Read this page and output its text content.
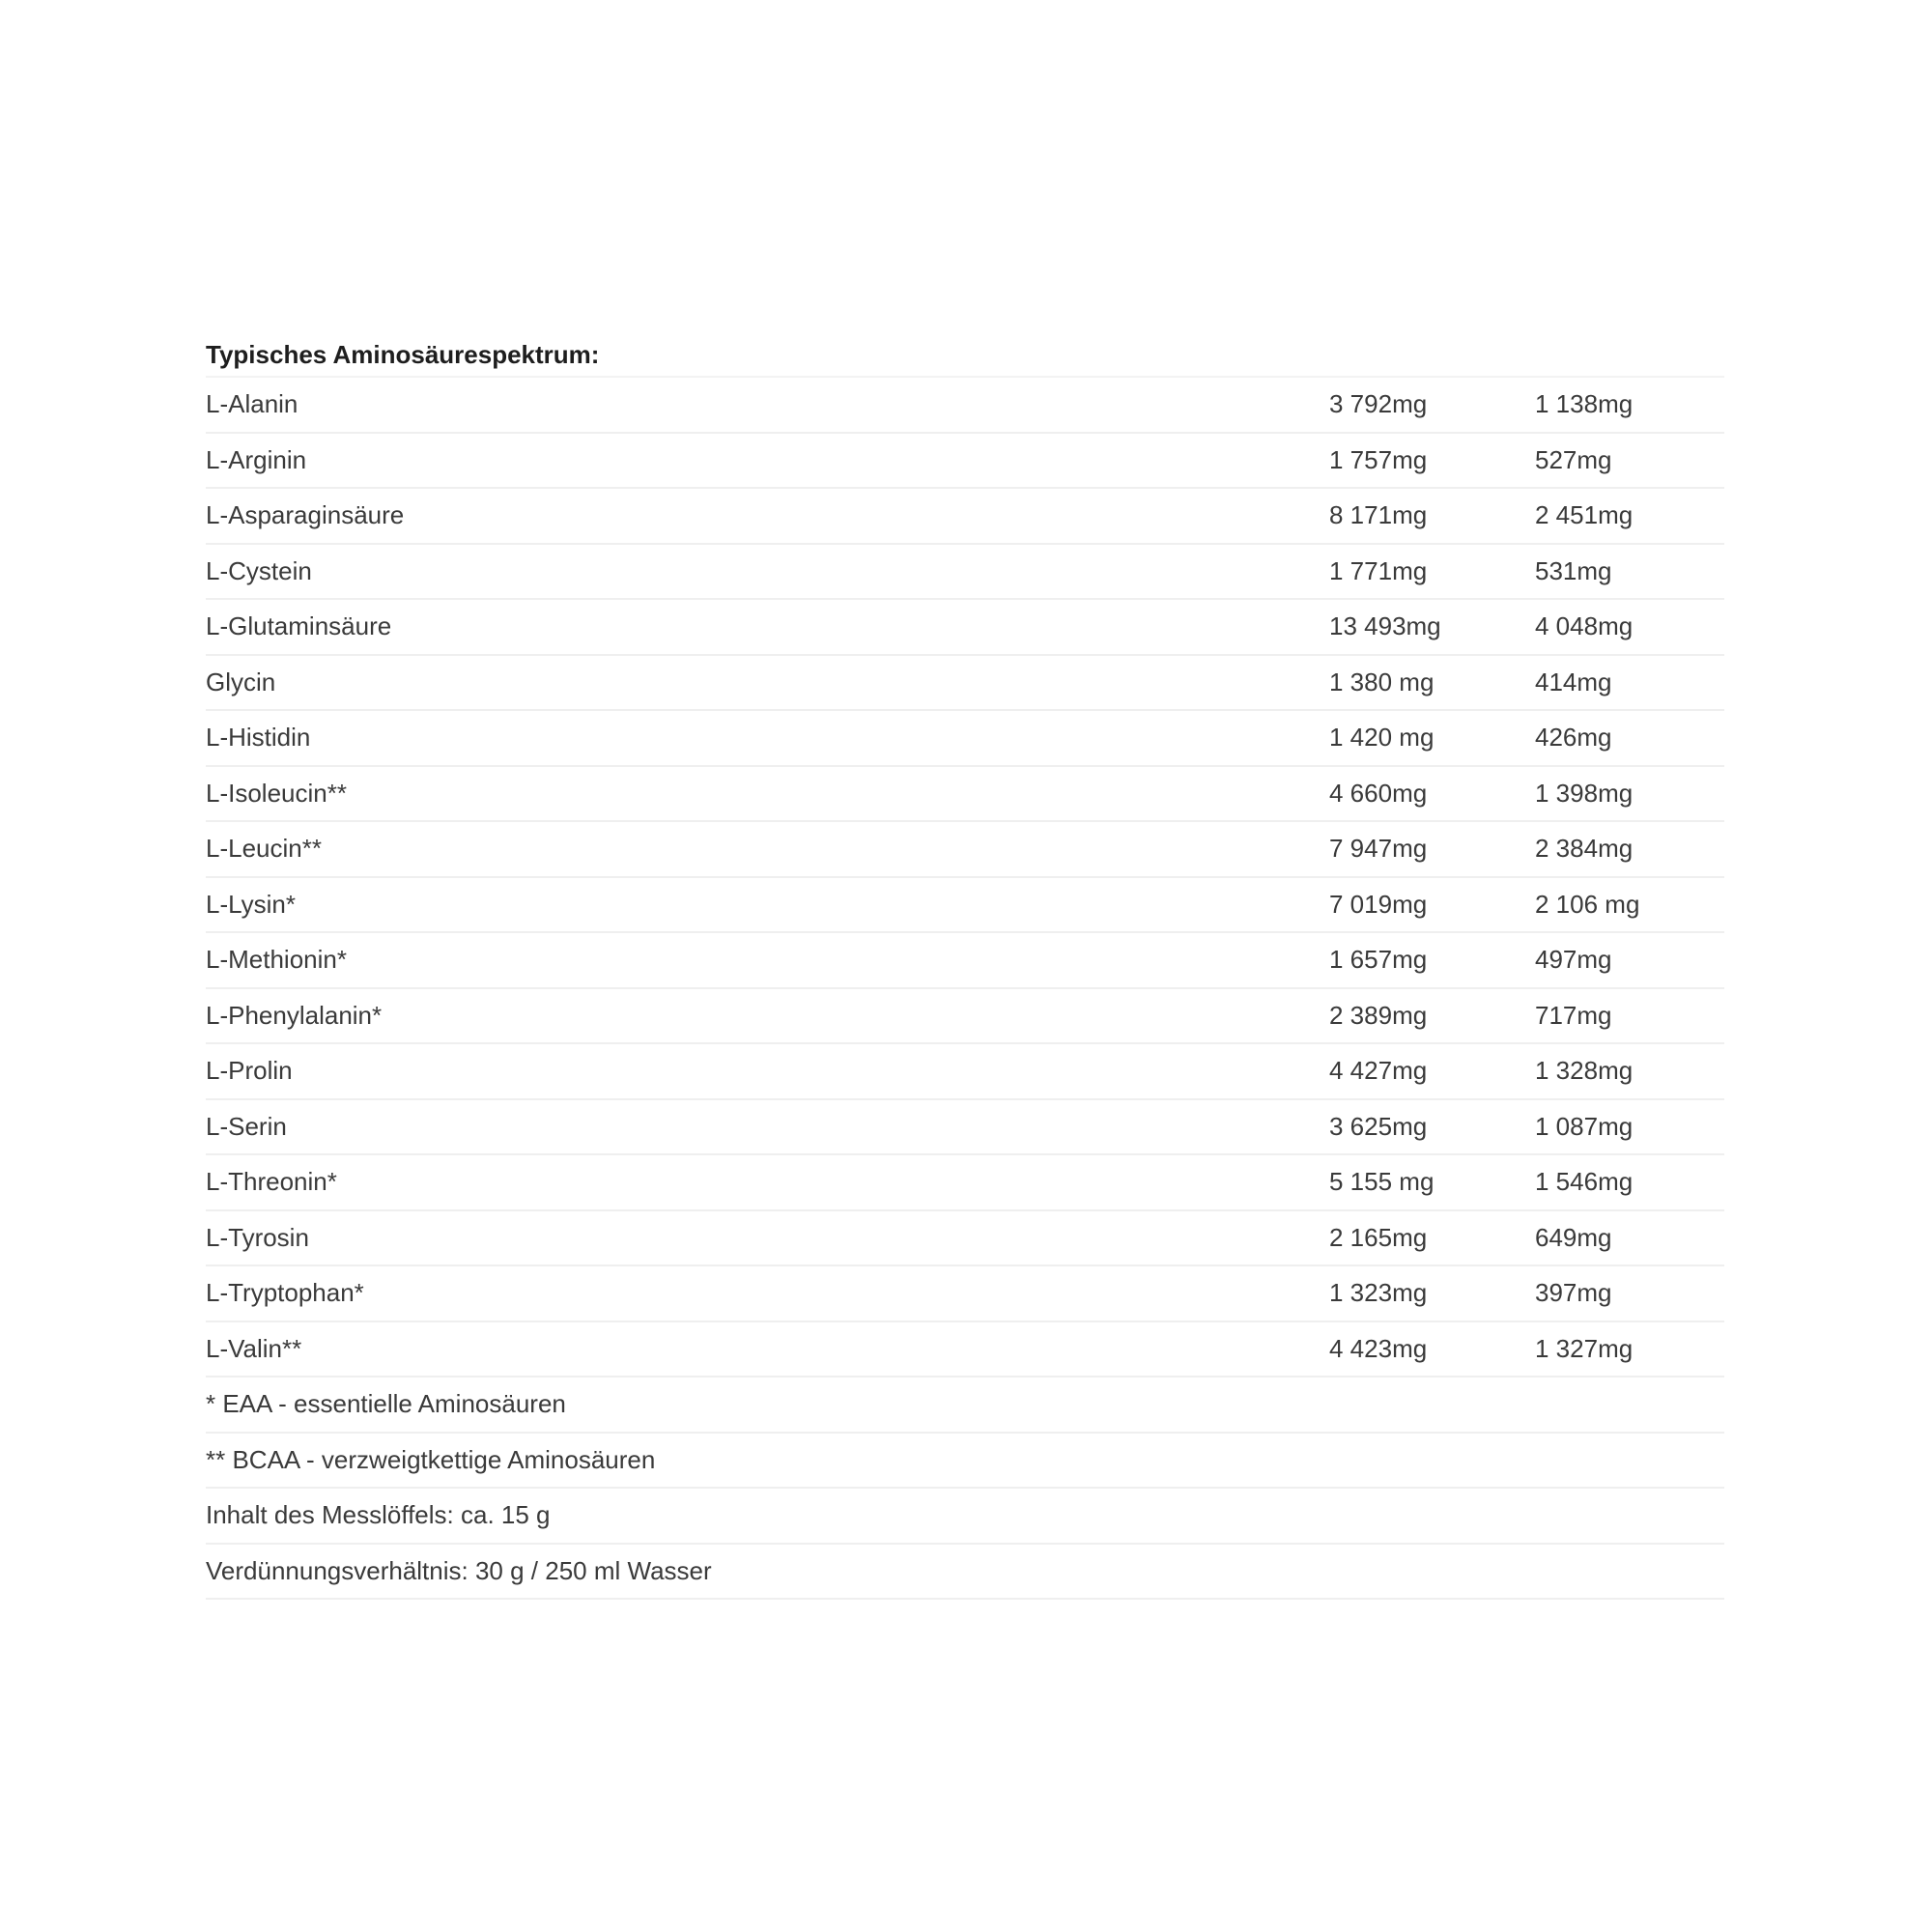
Typisches Aminosäurespektrum:
L-Alanin	3 792mg	1 138mg
L-Arginin	1 757mg	527mg
L-Asparaginsäure	8 171mg	2 451mg
L-Cystein	1 771mg	531mg
L-Glutaminsäure	13 493mg	4 048mg
Glycin	1 380 mg	414mg
L-Histidin	1 420 mg	426mg
L-Isoleucin**	4 660mg	1 398mg
L-Leucin**	7 947mg	2 384mg
L-Lysin*	7 019mg	2 106 mg
L-Methionin*	1 657mg	497mg
L-Phenylalanin*	2 389mg	717mg
L-Prolin	4 427mg	1 328mg
L-Serin	3 625mg	1 087mg
L-Threonin*	5 155 mg	1 546mg
L-Tyrosin	2 165mg	649mg
L-Tryptophan*	1 323mg	397mg
L-Valin**	4 423mg	1 327mg
* EAA - essentielle Aminosäuren
** BCAA - verzweigtkettige Aminosäuren
Inhalt des Messlöffels: ca. 15 g
Verdünnungsverhältnis: 30 g / 250 ml Wasser
